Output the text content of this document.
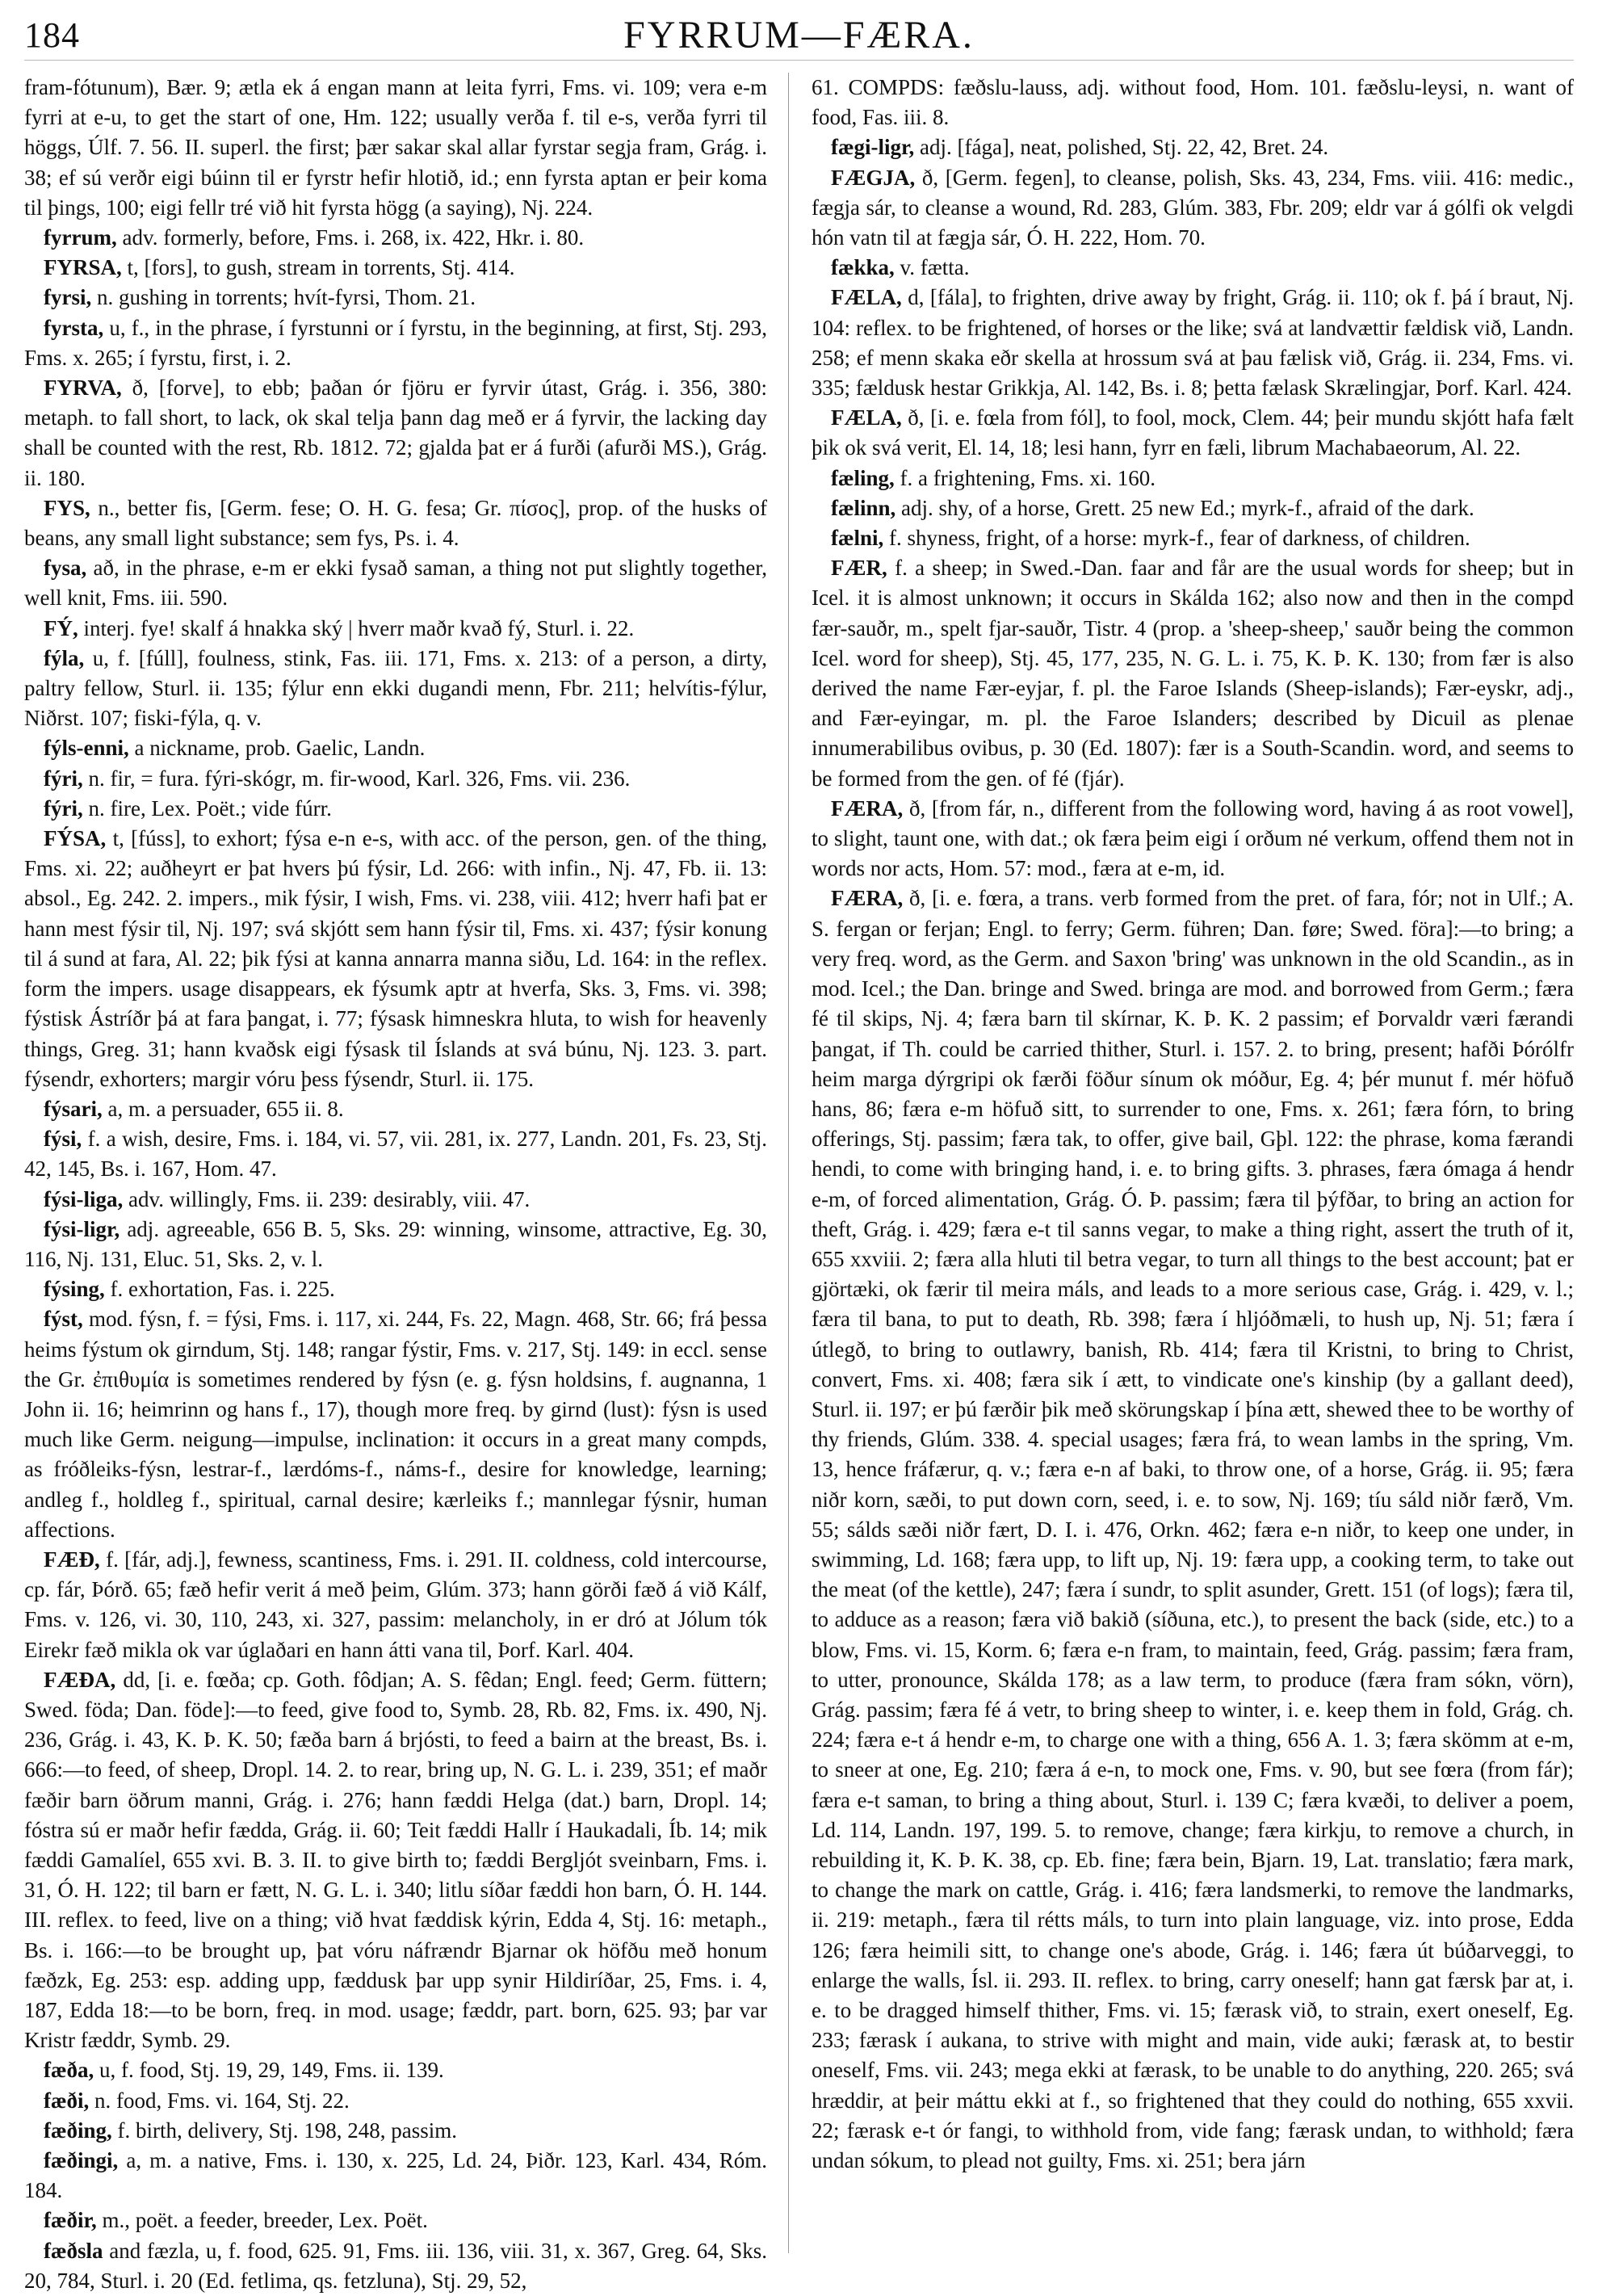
184	FYRRUM—FÆRA.

fram-fótunum), Bær. 9; ætla ek á engan mann at leita fyrri, Fms. vi. 109; vera e-m fyrri at e-u, to get the start of one, Hm. 122; usually verða f. til e-s, verða fyrri til höggs, Úlf. 7. 56. II. superl. the first; þær sakar skal allar fyrstar segja fram, Grág. i. 38; ef sú verðr eigi búinn til er fyrstr hefir hlotið, id.; enn fyrsta aptan er þeir koma til þings, 100; eigi fellr tré við hit fyrsta högg (a saying), Nj. 224.

fyrrum, adv. formerly, before, Fms. i. 268, ix. 422, Hkr. i. 80.

FYRSA, t, [fors], to gush, stream in torrents, Stj. 414.

fyrsi, n. gushing in torrents; hvít-fyrsi, Thom. 21.

fyrsta, u, f., in the phrase, í fyrstunni or í fyrstu, in the beginning, at first, Stj. 293, Fms. x. 265; í fyrstu, first, i. 2.

FYRVA, ð, [forve], to ebb; þaðan ór fjöru er fyrvir útast, Grág. i. 356, 380: metaph. to fall short, to lack, ok skal telja þann dag með er á fyrvir, the lacking day shall be counted with the rest, Rb. 1812. 72; gjalda þat er á furði (afurði MS.), Grág. ii. 180.

FYS, n., better fis, [Germ. fese; O. H. G. fesa; Gr. πίσος], prop. of the husks of beans, any small light substance; sem fys, Ps. i. 4.

fysa, að, in the phrase, e-m er ekki fysað saman, a thing not put slightly together, well knit, Fms. iii. 590.

FÝ, interj. fye! skalf á hnakka ský | hverr maðr kvað fý, Sturl. i. 22.

fýla, u, f. [fúll], foulness, stink, Fas. iii. 171, Fms. x. 213: of a person, a dirty, paltry fellow, Sturl. ii. 135; fýlur enn ekki dugandi menn, Fbr. 211; helvítis-fýlur, Niðrst. 107; fiski-fýla, q. v.

fýls-enni, a nickname, prob. Gaelic, Landn.

fýri, n. fir, = fura. fýri-skógr, m. fir-wood, Karl. 326, Fms. vii. 236.

fýri, n. fire, Lex. Poët.; vide fúrr.

FÝSA, t, [fúss], to exhort; fýsa e-n e-s, with acc. of the person, gen. of the thing, Fms. xi. 22; auðheyrt er þat hvers þú fýsir, Ld. 266: with infin., Nj. 47, Fb. ii. 13: absol., Eg. 242. 2. impers., mik fýsir, I wish, Fms. vi. 238, viii. 412; hverr hafi þat er hann mest fýsir til, Nj. 197; svá skjótt sem hann fýsir til, Fms. xi. 437; fýsir konung til á sund at fara, Al. 22; þik fýsi at kanna annarra manna siðu, Ld. 164: in the reflex. form the impers. usage disappears, ek fýsumk aptr at hverfa, Sks. 3, Fms. vi. 398; fýstisk Ástríðr þá at fara þangat, i. 77; fýsask himneskra hluta, to wish for heavenly things, Greg. 31; hann kvaðsk eigi fýsask til Íslands at svá búnu, Nj. 123. 3. part. fýsendr, exhorters; margir vóru þess fýsendr, Sturl. ii. 175.

fýsari, a, m. a persuader, 655 ii. 8.

fýsi, f. a wish, desire, Fms. i. 184, vi. 57, vii. 281, ix. 277, Landn. 201, Fs. 23, Stj. 42, 145, Bs. i. 167, Hom. 47.

fýsi-liga, adv. willingly, Fms. ii. 239: desirably, viii. 47.

fýsi-ligr, adj. agreeable, 656 B. 5, Sks. 29: winning, winsome, attractive, Eg. 30, 116, Nj. 131, Eluc. 51, Sks. 2, v. l.

fýsing, f. exhortation, Fas. i. 225.

fýst, mod. fýsn, f. = fýsi, Fms. i. 117, xi. 244, Fs. 22, Magn. 468, Str. 66; frá þessa heims fýstum ok girndum, Stj. 148; rangar fýstir, Fms. v. 217, Stj. 149: in eccl. sense the Gr. ἐπιθυμία is sometimes rendered by fýsn (e. g. fýsn holdsins, f. augnanna, 1 John ii. 16; heimrinn og hans f., 17), though more freq. by girnd (lust): fýsn is used much like Germ. neigung—impulse, inclination: it occurs in a great many compds, as fróðleiks-fýsn, lestrar-f., lærdóms-f., náms-f., desire for knowledge, learning; andleg f., holdleg f., spiritual, carnal desire; kærleiks f.; mannlegar fýsnir, human affections.

FÆÐ, f. [fár, adj.], fewness, scantiness, Fms. i. 291. II. coldness, cold intercourse, cp. fár, Þórð. 65; fæð hefir verit á með þeim, Glúm. 373; hann görði fæð á við Kálf, Fms. v. 126, vi. 30, 110, 243, xi. 327, passim: melancholy, in er dró at Jólum tók Eirekr fæð mikla ok var úglaðari en hann átti vana til, Þorf. Karl. 404.

FÆÐA, dd, [i. e. fœða; cp. Goth. fôdjan; A. S. fêdan; Engl. feed; Germ. füttern; Swed. föda; Dan. föde]:—to feed, give food to, Symb. 28, Rb. 82, Fms. ix. 490, Nj. 236, Grág. i. 43, K. Þ. K. 50; fæða barn á brjósti, to feed a bairn at the breast, Bs. i. 666:—to feed, of sheep, Dropl. 14. 2. to rear, bring up, N. G. L. i. 239, 351; ef maðr fæðir barn öðrum manni, Grág. i. 276; hann fæddi Helga (dat.) barn, Dropl. 14; fóstra sú er maðr hefir fædda, Grág. ii. 60; Teit fæddi Hallr í Haukadali, Íb. 14; mik fæddi Gamalíel, 655 xvi. B. 3. II. to give birth to; fæddi Bergljót sveinbarn, Fms. i. 31, Ó. H. 122; til barn er fætt, N. G. L. i. 340; litlu síðar fæddi hon barn, Ó. H. 144. III. reflex. to feed, live on a thing; við hvat fæddisk kýrin, Edda 4, Stj. 16: metaph., Bs. i. 166:—to be brought up, þat vóru náfrændr Bjarnar ok höfðu með honum fæðzk, Eg. 253: esp. adding upp, fæddusk þar upp synir Hildiríðar, 25, Fms. i. 4, 187, Edda 18:—to be born, freq. in mod. usage; fæddr, part. born, 625. 93; þar var Kristr fæddr, Symb. 29.

fæða, u, f. food, Stj. 19, 29, 149, Fms. ii. 139.

fæði, n. food, Fms. vi. 164, Stj. 22.

fæðing, f. birth, delivery, Stj. 198, 248, passim.

fæðingi, a, m. a native, Fms. i. 130, x. 225, Ld. 24, Þiðr. 123, Karl. 434, Róm. 184.

fæðir, m., poët. a feeder, breeder, Lex. Poët.

fæðsla and fæzla, u, f. food, 625. 91, Fms. iii. 136, viii. 31, x. 367, Greg. 64, Sks. 20, 784, Sturl. i. 20 (Ed. fetlima, qs. fetzluna), Stj. 29, 52,

61. COMPDS: fæðslu-lauss, adj. without food, Hom. 101. fæðslu-leysi, n. want of food, Fas. iii. 8.

fægi-ligr, adj. [fága], neat, polished, Stj. 22, 42, Bret. 24.

FÆGJA, ð, [Germ. fegen], to cleanse, polish, Sks. 43, 234, Fms. viii. 416: medic., fægja sár, to cleanse a wound, Rd. 283, Glúm. 383, Fbr. 209; eldr var á gólfi ok velgdi hón vatn til at fægja sár, Ó. H. 222, Hom. 70.

fækka, v. fætta.

FÆLA, d, [fála], to frighten, drive away by fright, Grág. ii. 110; ok f. þá í braut, Nj. 104: reflex. to be frightened, of horses or the like; svá at landvættir fældisk við, Landn. 258; ef menn skaka eðr skella at hrossum svá at þau fælisk við, Grág. ii. 234, Fms. vi. 335; fældusk hestar Grikkja, Al. 142, Bs. i. 8; þetta fælask Skrælingjar, Þorf. Karl. 424.

FÆLA, ð, [i. e. fœla from fól], to fool, mock, Clem. 44; þeir mundu skjótt hafa fælt þik ok svá verit, El. 14, 18; lesi hann, fyrr en fæli, librum Machabaeorum, Al. 22.

fæling, f. a frightening, Fms. xi. 160.

fælinn, adj. shy, of a horse, Grett. 25 new Ed.; myrk-f., afraid of the dark.

fælni, f. shyness, fright, of a horse: myrk-f., fear of darkness, of children.

FÆR, f. a sheep; in Swed.-Dan. faar and får are the usual words for sheep; but in Icel. it is almost unknown; it occurs in Skálda 162; also now and then in the compd fær-sauðr, m., spelt fjar-sauðr, Tistr. 4 (prop. a 'sheep-sheep,' sauðr being the common Icel. word for sheep), Stj. 45, 177, 235, N. G. L. i. 75, K. Þ. K. 130; from fær is also derived the name Fær-eyjar, f. pl. the Faroe Islands (Sheep-islands); Fær-eyskr, adj., and Fær-eyingar, m. pl. the Faroe Islanders; described by Dicuil as plenae innumerabilibus ovibus, p. 30 (Ed. 1807): fær is a South-Scandin. word, and seems to be formed from the gen. of fé (fjár).

FÆRA, ð, [from fár, n., different from the following word, having á as root vowel], to slight, taunt one, with dat.; ok færa þeim eigi í orðum né verkum, offend them not in words nor acts, Hom. 57: mod., færa at e-m, id.

FÆRA, ð, [i. e. fœra, a trans. verb formed from the pret. of fara, fór; not in Ulf.; A. S. fergan or ferjan; Engl. to ferry; Germ. führen; Dan. føre; Swed. föra]:—to bring; a very freq. word, as the Germ. and Saxon 'bring' was unknown in the old Scandin., as in mod. Icel.; the Dan. bringe and Swed. bringa are mod. and borrowed from Germ.; færa fé til skips, Nj. 4; færa barn til skírnar, K. Þ. K. 2 passim; ef Þorvaldr væri færandi þangat, if Th. could be carried thither, Sturl. i. 157. 2. to bring, present; hafði Þórólfr heim marga dýrgripi ok færði föður sínum ok móður, Eg. 4; þér munut f. mér höfuð hans, 86; færa e-m höfuð sitt, to surrender to one, Fms. x. 261; færa fórn, to bring offerings, Stj. passim; færa tak, to offer, give bail, Gþl. 122: the phrase, koma færandi hendi, to come with bringing hand, i. e. to bring gifts. 3. phrases, færa ómaga á hendr e-m, of forced alimentation, Grág. Ó. Þ. passim; færa til þýfðar, to bring an action for theft, Grág. i. 429; færa e-t til sanns vegar, to make a thing right, assert the truth of it, 655 xxviii. 2; færa alla hluti til betra vegar, to turn all things to the best account; þat er gjörtæki, ok færir til meira máls, and leads to a more serious case, Grág. i. 429, v. l.; færa til bana, to put to death, Rb. 398; færa í hljóðmæli, to hush up, Nj. 51; færa í útlegð, to bring to outlawry, banish, Rb. 414; færa til Kristni, to bring to Christ, convert, Fms. xi. 408; færa sik í ætt, to vindicate one's kinship (by a gallant deed), Sturl. ii. 197; er þú færðir þik með skörungskap í þína ætt, shewed thee to be worthy of thy friends, Glúm. 338. 4. special usages; færa frá, to wean lambs in the spring, Vm. 13, hence fráfærur, q. v.; færa e-n af baki, to throw one, of a horse, Grág. ii. 95; færa niðr korn, sæði, to put down corn, seed, i. e. to sow, Nj. 169; tíu sáld niðr færð, Vm. 55; sálds sæði niðr fært, D. I. i. 476, Orkn. 462; færa e-n niðr, to keep one under, in swimming, Ld. 168; færa upp, to lift up, Nj. 19: færa upp, a cooking term, to take out the meat (of the kettle), 247; færa í sundr, to split asunder, Grett. 151 (of logs); færa til, to adduce as a reason; færa við bakið (síðuna, etc.), to present the back (side, etc.) to a blow, Fms. vi. 15, Korm. 6; færa e-n fram, to maintain, feed, Grág. passim; færa fram, to utter, pronounce, Skálda 178; as a law term, to produce (færa fram sókn, vörn), Grág. passim; færa fé á vetr, to bring sheep to winter, i. e. keep them in fold, Grág. ch. 224; færa e-t á hendr e-m, to charge one with a thing, 656 A. 1. 3; færa skömm at e-m, to sneer at one, Eg. 210; færa á e-n, to mock one, Fms. v. 90, but see fœra (from fár); færa e-t saman, to bring a thing about, Sturl. i. 139 C; færa kvæði, to deliver a poem, Ld. 114, Landn. 197, 199. 5. to remove, change; færa kirkju, to remove a church, in rebuilding it, K. Þ. K. 38, cp. Eb. fine; færa bein, Bjarn. 19, Lat. translatio; færa mark, to change the mark on cattle, Grág. i. 416; færa landsmerki, to remove the landmarks, ii. 219: metaph., færa til rétts máls, to turn into plain language, viz. into prose, Edda 126; færa heimili sitt, to change one's abode, Grág. i. 146; færa út búðarveggi, to enlarge the walls, Ísl. ii. 293. II. reflex. to bring, carry oneself; hann gat færsk þar at, i. e. to be dragged himself thither, Fms. vi. 15; færask við, to strain, exert oneself, Eg. 233; færask í aukana, to strive with might and main, vide auki; færask at, to bestir oneself, Fms. vii. 243; mega ekki at færask, to be unable to do anything, 220. 265; svá hræddir, at þeir máttu ekki at f., so frightened that they could do nothing, 655 xxvii. 22; færask e-t ór fangi, to withhold from, vide fang; færask undan, to withhold; færa undan sókum, to plead not guilty, Fms. xi. 251; bera járn
